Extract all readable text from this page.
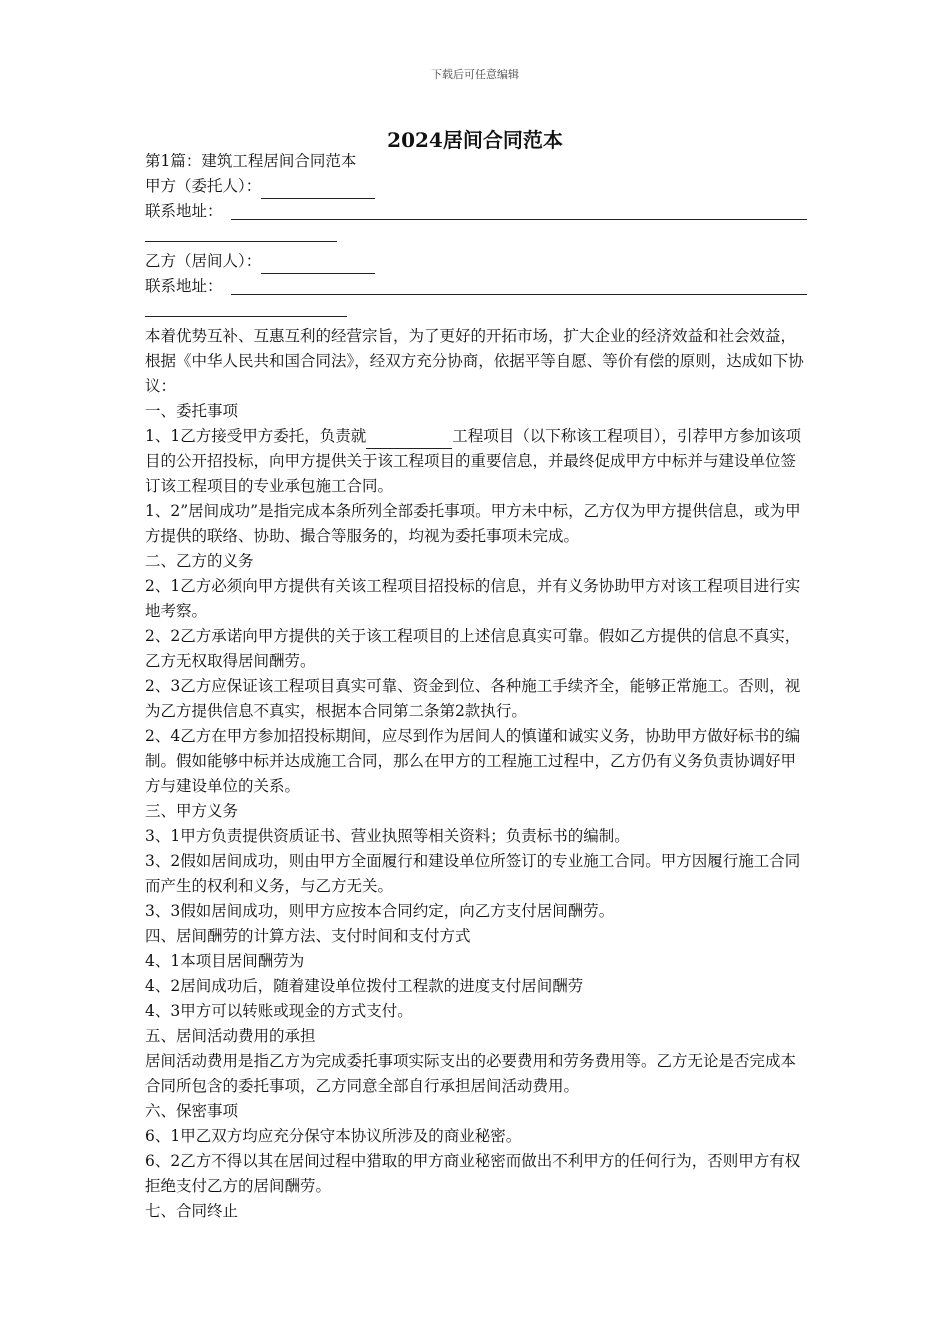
下载后可任意编辑
2024居间合同范本

第1篇：建筑工程居间合同范本

甲方（委托人）：

联系地址：

乙方（居间人）：

联系地址：

本着优势互补、互惠互利的经营宗旨，为了更好的开拓市场，扩大企业的经济效益和社会效益，根据《中华人民共和国合同法》，经双方充分协商，依据平等自愿、等价有偿的原则，达成如下协议：

一、委托事项

1、1乙方接受甲方委托，负责就	工程项目（以下称该工程项目），引荐甲方参加该项目的公开招投标，向甲方提供关于该工程项目的重要信息，并最终促成甲方中标并与建设单位签订该工程项目的专业承包施工合同。

1、2”居间成功”是指完成本条所列全部委托事项。甲方未中标，乙方仅为甲方提供信息，或为甲方提供的联络、协助、撮合等服务的，均视为委托事项未完成。

二、乙方的义务

2、1乙方必须向甲方提供有关该工程项目招投标的信息，并有义务协助甲方对该工程项目进行实地考察。

2、2乙方承诺向甲方提供的关于该工程项目的上述信息真实可靠。假如乙方提供的信息不真实，乙方无权取得居间酬劳。

2、3乙方应保证该工程项目真实可靠、资金到位、各种施工手续齐全，能够正常施工。否则，视为乙方提供信息不真实，根据本合同第二条第2款执行。

2、4乙方在甲方参加招投标期间，应尽到作为居间人的慎谨和诚实义务，协助甲方做好标书的编制。假如能够中标并达成施工合同，那么在甲方的工程施工过程中，乙方仍有义务负责协调好甲方与建设单位的关系。

三、甲方义务

3、1甲方负责提供资质证书、营业执照等相关资料；负责标书的编制。

3、2假如居间成功，则由甲方全面履行和建设单位所签订的专业施工合同。甲方因履行施工合同而产生的权利和义务，与乙方无关。

3、3假如居间成功，则甲方应按本合同约定，向乙方支付居间酬劳。

四、居间酬劳的计算方法、支付时间和支付方式

4、1本项目居间酬劳为

4、2居间成功后，随着建设单位拨付工程款的进度支付居间酬劳

4、3甲方可以转账或现金的方式支付。

五、居间活动费用的承担

居间活动费用是指乙方为完成委托事项实际支出的必要费用和劳务费用等。乙方无论是否完成本合同所包含的委托事项，乙方同意全部自行承担居间活动费用。

六、保密事项

6、1甲乙双方均应充分保守本协议所涉及的商业秘密。

6、2乙方不得以其在居间过程中猎取的甲方商业秘密而做出不利甲方的任何行为，否则甲方有权拒绝支付乙方的居间酬劳。

七、合同终止
